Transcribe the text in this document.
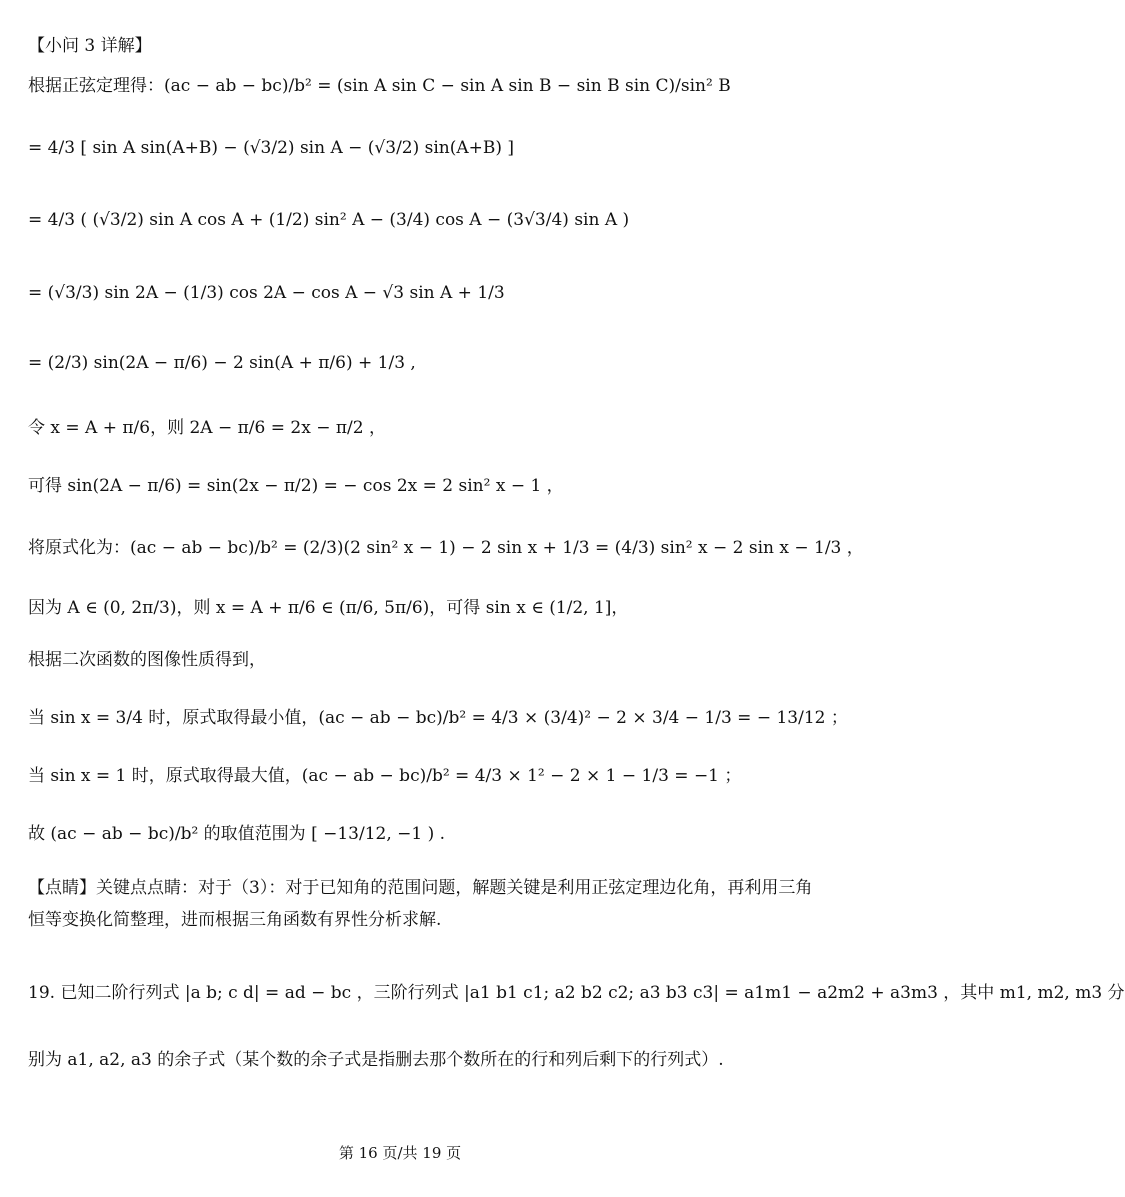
【小问 3 详解】
根据正弦定理得：(ac − ab − bc)/b² = (sin A sin C − sin A sin B − sin B sin C)/sin² B
= 4/3 [ sin A sin(A+B) − (√3/2) sin A − (√3/2) sin(A+B) ]
= 4/3 ( (√3/2) sin A cos A + (1/2) sin² A − (3/4) cos A − (3√3/4) sin A )
= (√3/3) sin 2A − (1/3) cos 2A − cos A − √3 sin A + 1/3
= (2/3) sin(2A − π/6) − 2 sin(A + π/6) + 1/3 ,
令 x = A + π/6，则 2A − π/6 = 2x − π/2 ，
可得 sin(2A − π/6) = sin(2x − π/2) = − cos 2x = 2 sin² x − 1 ，
将原式化为：(ac − ab − bc)/b² = (2/3)(2 sin² x − 1) − 2 sin x + 1/3 = (4/3) sin² x − 2 sin x − 1/3 ，
因为 A ∈ (0, 2π/3)，则 x = A + π/6 ∈ (π/6, 5π/6)，可得 sin x ∈ (1/2, 1]，
根据二次函数的图像性质得到，
当 sin x = 3/4 时，原式取得最小值，(ac − ab − bc)/b² = 4/3 × (3/4)² − 2 × 3/4 − 1/3 = − 13/12 ；
当 sin x = 1 时，原式取得最大值，(ac − ab − bc)/b² = 4/3 × 1² − 2 × 1 − 1/3 = −1 ；
故 (ac − ab − bc)/b² 的取值范围为 [ −13/12, −1 ) .
【点睛】关键点点睛：对于（3）：对于已知角的范围问题，解题关键是利用正弦定理边化角，再利用三角
恒等变换化简整理，进而根据三角函数有界性分析求解.
19. 已知二阶行列式 |a b; c d| = ad − bc ，三阶行列式 |a1 b1 c1; a2 b2 c2; a3 b3 c3| = a1m1 − a2m2 + a3m3 ，其中 m1, m2, m3 分
别为 a1, a2, a3 的余子式（某个数的余子式是指删去那个数所在的行和列后剩下的行列式）.
第 16 页/共 19 页
